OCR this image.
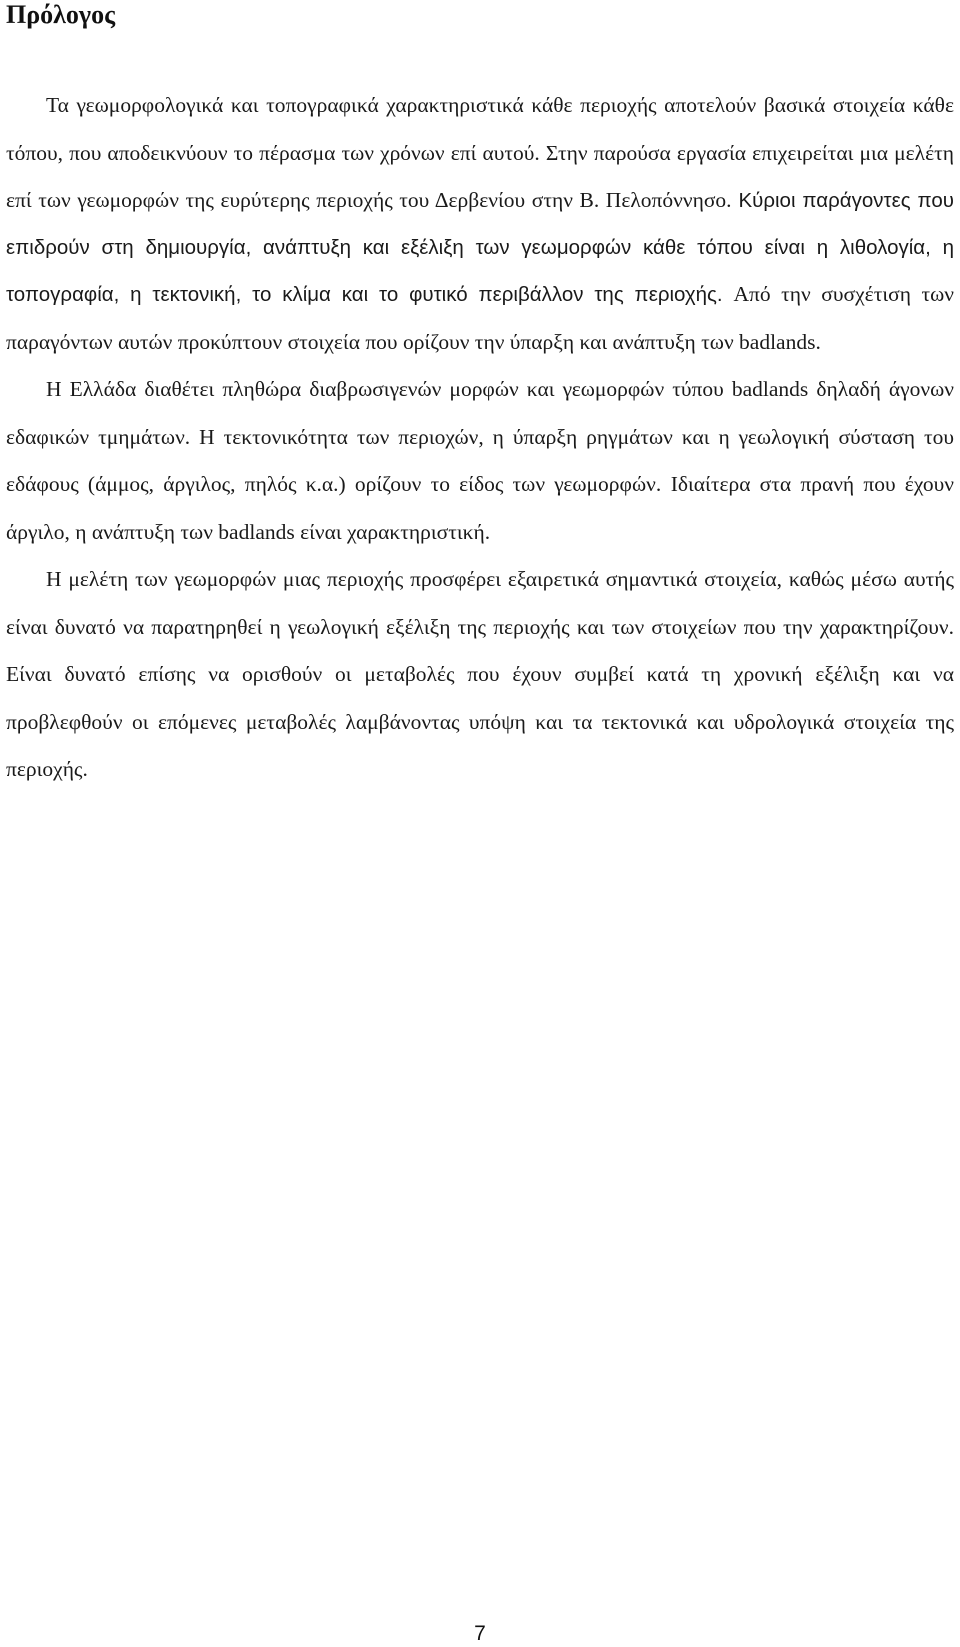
Πρόλογος

Τα γεωμορφολογικά και τοπογραφικά χαρακτηριστικά κάθε περιοχής αποτελούν βασικά στοιχεία κάθε τόπου, που αποδεικνύουν το πέρασμα των χρόνων επί αυτού. Στην παρούσα εργασία επιχειρείται μια μελέτη επί των γεωμορφών της ευρύτερης περιοχής του Δερβενίου στην Β. Πελοπόννησο. Κύριοι παράγοντες που επιδρούν στη δημιουργία, ανάπτυξη και εξέλιξη των γεωμορφών κάθε τόπου είναι η λιθολογία, η τοπογραφία, η τεκτονική, το κλίμα και το φυτικό περιβάλλον της περιοχής. Από την συσχέτιση των παραγόντων αυτών προκύπτουν στοιχεία που ορίζουν την ύπαρξη και ανάπτυξη των badlands.

Η Ελλάδα διαθέτει πληθώρα διαβρωσιγενών μορφών και γεωμορφών τύπου badlands δηλαδή άγονων εδαφικών τμημάτων. Η τεκτονικότητα των περιοχών, η ύπαρξη ρηγμάτων και η γεωλογική σύσταση του εδάφους (άμμος, άργιλος, πηλός κ.α.) ορίζουν το είδος των γεωμορφών. Ιδιαίτερα στα πρανή που έχουν άργιλο, η ανάπτυξη των badlands είναι χαρακτηριστική.

Η μελέτη των γεωμορφών μιας περιοχής προσφέρει εξαιρετικά σημαντικά στοιχεία, καθώς μέσω αυτής είναι δυνατό να παρατηρηθεί η γεωλογική εξέλιξη της περιοχής και των στοιχείων που την χαρακτηρίζουν. Είναι δυνατό επίσης να ορισθούν οι μεταβολές που έχουν συμβεί κατά τη χρονική εξέλιξη και να προβλεφθούν οι επόμενες μεταβολές λαμβάνοντας υπόψη και τα τεκτονικά και υδρολογικά στοιχεία της περιοχής.

7
